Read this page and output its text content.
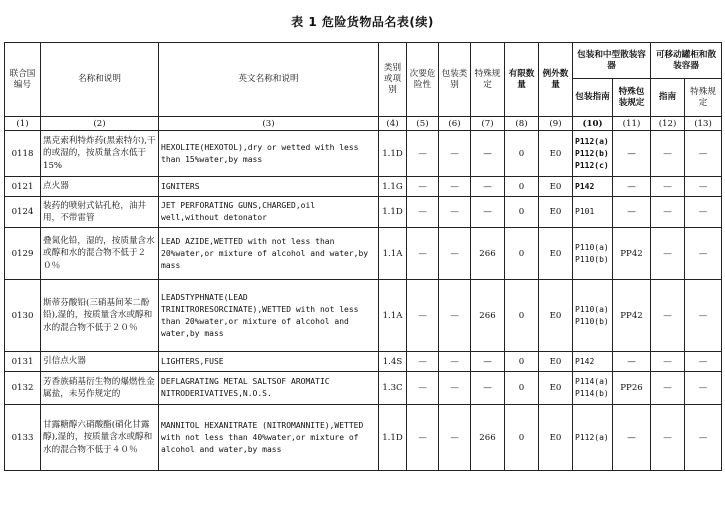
表 1 危险货物品名表(续)
联合国编号	名称和说明	英文名称和说明	类别或项别	次要危险性	包装类别	特殊规定	有限数量	例外数量	包装和中型散装容器		可移动罐柜和散装容器	
									包装指南	特殊包装规定	指南	特殊规定
(1)	(2)	(3)	(4)	(5)	(6)	(7)	(8)	(9)	(10)	(11)	(12)	(13)
0118	黑克索利特炸药(黑索特尔),干的或湿的，按质量含水低于15%	HEXOLITE(HEXOTOL),dry or wetted with less than 15%water,by mass	1.1D	—	—	—	0	E0	P112(a)
P112(b)
P112(c)	—	—	—
0121	点火器	IGNITERS	1.1G	—	—	—	0	E0	P142	—	—	—
0124	装药的喷射式钻孔枪，油井用，不带雷管	JET PERFORATING GUNS,CHARGED,oil well,without detonator	1.1D	—	—	—	0	E0	P101	—	—	—
0129	叠氮化铅，湿的，按质量含水或醇和水的混合物不低于２０％	LEAD AZIDE,WETTED with not less than 20%water,or mixture of alcohol and water,by mass	1.1A	—	—	266	0	E0	P110(a)
P110(b)	PP42	—	—
0130	斯蒂芬酸铅(三硝基间苯二酚铅),湿的，按质量含水或醇和水的混合物不低于２０％	LEADSTYPHNATE(LEAD TRINITRORESORCINATE),WETTED with not less than 20%water,or mixture of alcohol and water,by mass	1.1A	—	—	266	0	E0	P110(a)
P110(b)	PP42	—	—
0131	引信点火器	LIGHTERS,FUSE	1.4S	—	—	—	0	E0	P142	—	—	—
0132	芳香族硝基衍生物的爆燃性金属盐，未另作规定的	DEFLAGRATING METAL SALTSOF AROMATIC NITRODERIVATIVES,N.O.S.	1.3C	—	—	—	0	E0	P114(a)
P114(b)	PP26	—	—
0133	甘露糖醇六硝酸酯(硝化甘露醇),湿的，按质量含水或醇和水的混合物不低于４０％	MANNITOL HEXANITRATE (NITROMANNITE),WETTED with not less than 40%water,or mixture of alcohol and water,by mass	1.1D	—	—	266	0	E0	P112(a)	—	—	—
